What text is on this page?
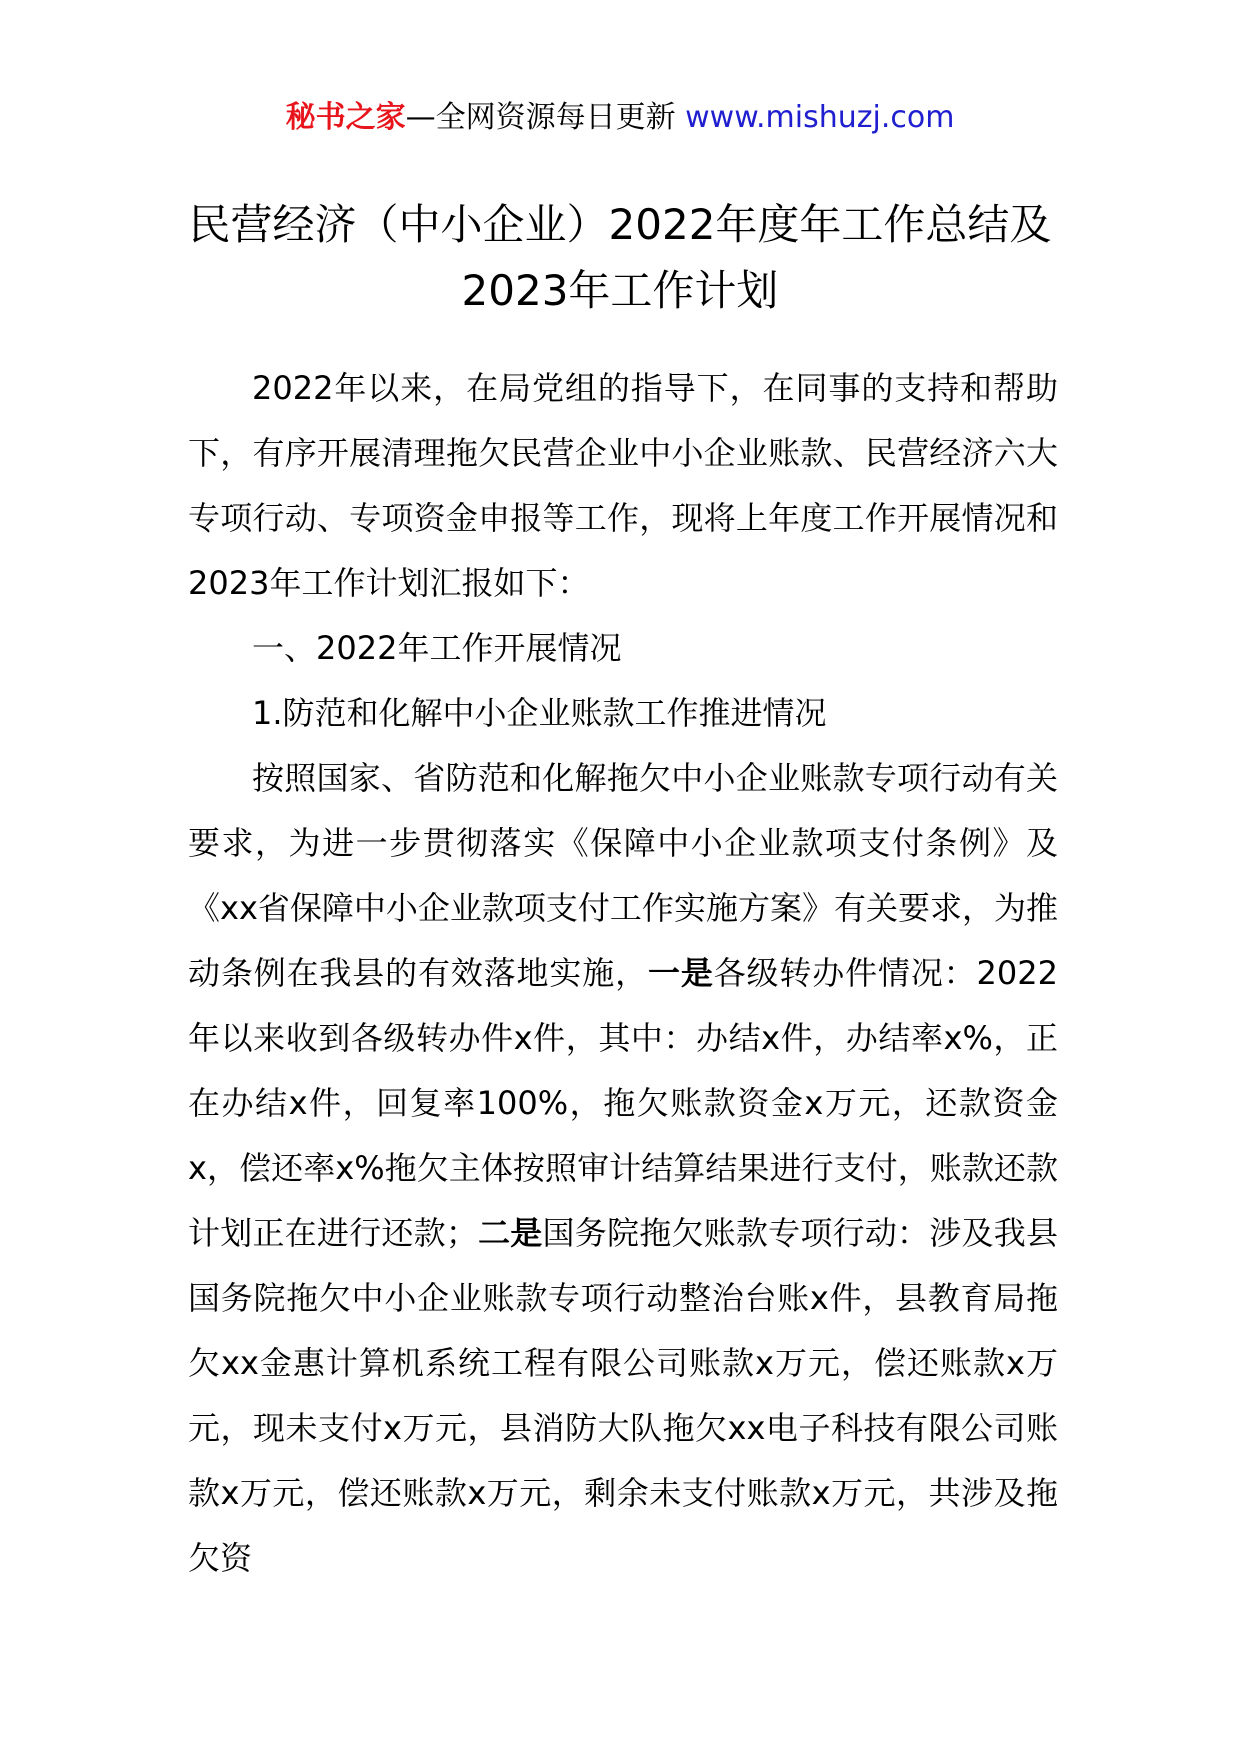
秘书之家—全网资源每日更新 www.mishuzj.com
民营经济（中小企业）2022年度年工作总结及2023年工作计划

2022年以来，在局党组的指导下，在同事的支持和帮助下，有序开展清理拖欠民营企业中小企业账款、民营经济六大专项行动、专项资金申报等工作，现将上年度工作开展情况和2023年工作计划汇报如下：

一、2022年工作开展情况

1.防范和化解中小企业账款工作推进情况

按照国家、省防范和化解拖欠中小企业账款专项行动有关要求，为进一步贯彻落实《保障中小企业款项支付条例》及《xx省保障中小企业款项支付工作实施方案》有关要求，为推动条例在我县的有效落地实施，一是各级转办件情况：2022年以来收到各级转办件x件，其中：办结x件，办结率x%，正在办结x件，回复率100%，拖欠账款资金x万元，还款资金x，偿还率x%拖欠主体按照审计结算结果进行支付，账款还款计划正在进行还款；二是国务院拖欠账款专项行动：涉及我县国务院拖欠中小企业账款专项行动整治台账x件，县教育局拖欠xx金惠计算机系统工程有限公司账款x万元，偿还账款x万元，现未支付x万元，县消防大队拖欠xx电子科技有限公司账款x万元，偿还账款x万元，剩余未支付账款x万元，共涉及拖欠资
